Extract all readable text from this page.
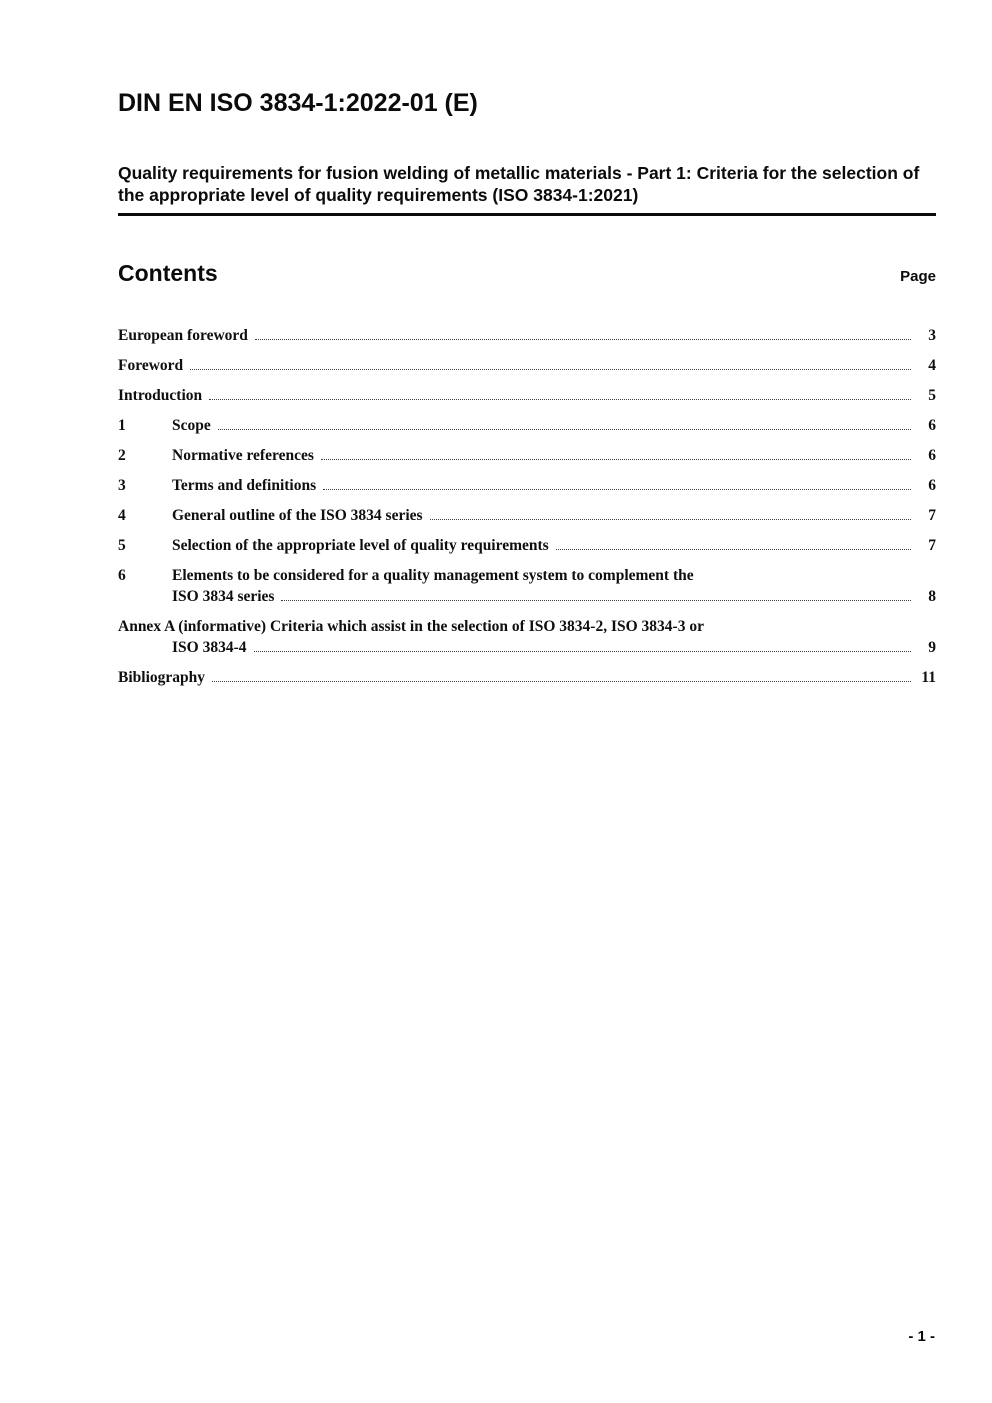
DIN EN ISO 3834-1:2022-01 (E)
Quality requirements for fusion welding of metallic materials - Part 1: Criteria for the selection of the appropriate level of quality requirements (ISO 3834-1:2021)
Contents	Page
European foreword	3
Foreword	4
Introduction	5
1	Scope	6
2	Normative references	6
3	Terms and definitions	6
4	General outline of the ISO 3834 series	7
5	Selection of the appropriate level of quality requirements	7
6	Elements to be considered for a quality management system to complement the
ISO 3834 series	8
Annex A (informative) Criteria which assist in the selection of ISO 3834-2, ISO 3834-3 or
ISO 3834-4	9
Bibliography	11
- 1 -
